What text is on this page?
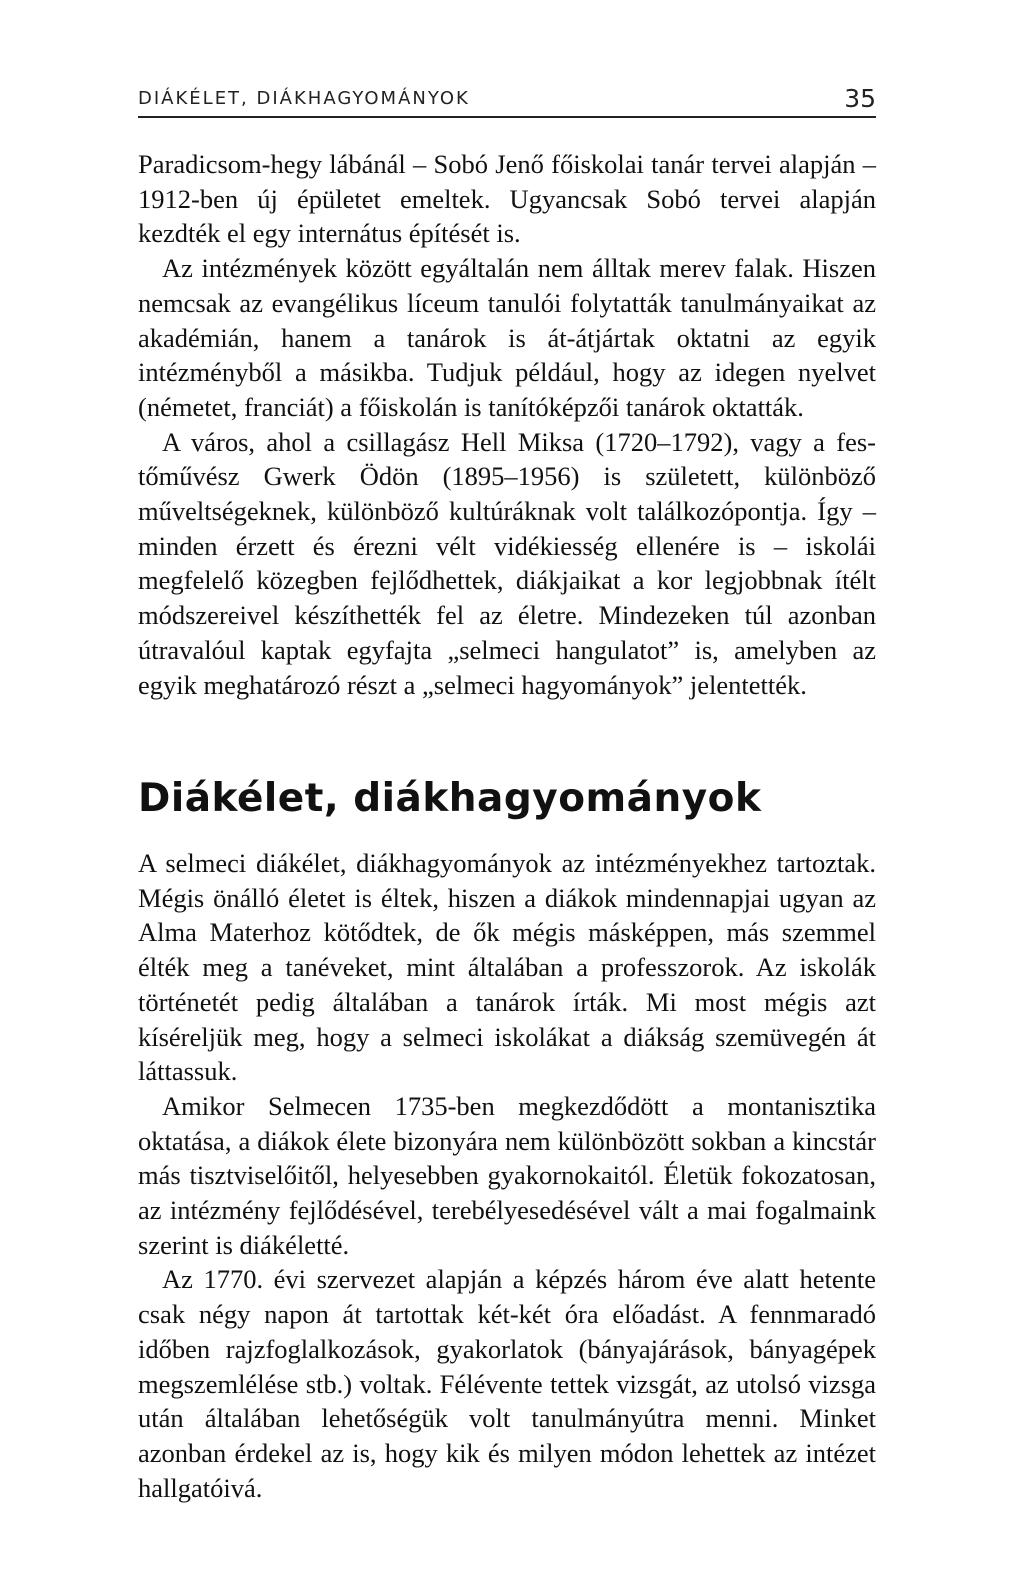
DIÁKÉLET, DIÁKHAGYOMÁNYOK	35

Paradicsom-hegy lábánál – Sobó Jenő főiskolai tanár tervei alapján – 1912-ben új épületet emeltek. Ugyancsak Sobó tervei alapján kezdték el egy internátus építését is.

Az intézmények között egyáltalán nem álltak merev falak. Hiszen nemcsak az evangélikus líceum tanulói folytatták tanulmányaikat az akadémián, hanem a tanárok is át-átjártak oktatni az egyik intézményből a másikba. Tudjuk például, hogy az idegen nyelvet (németet, franciát) a főiskolán is tanítóképzői tanárok oktatták.

A város, ahol a csillagász Hell Miksa (1720–1792), vagy a festőművész Gwerk Ödön (1895–1956) is született, különböző műveltségeknek, különböző kultúráknak volt találkozópontja. Így – minden érzett és érezni vélt vidékiesség ellenére is – iskolái megfelelő közegben fejlődhettek, diákjaikat a kor legjobbnak ítélt módszereivel készíthették fel az életre. Mindezeken túl azonban útravalóul kaptak egyfajta „selmeci hangulatot” is, amelyben az egyik meghatározó részt a „selmeci hagyományok” jelentették.

Diákélet, diákhagyományok

A selmeci diákélet, diákhagyományok az intézményekhez tartoztak. Mégis önálló életet is éltek, hiszen a diákok mindennapjai ugyan az Alma Materhoz kötődtek, de ők mégis másképpen, más szemmel élték meg a tanéveket, mint általában a professzorok. Az iskolák történetét pedig általában a tanárok írták. Mi most mégis azt kíséreljük meg, hogy a selmeci iskolákat a diákság szemüvegén át láttassuk.

Amikor Selmecen 1735-ben megkezdődött a montanisztika oktatása, a diákok élete bizonyára nem különbözött sokban a kincstár más tisztviselőitől, helyesebben gyakornokaitól. Életük fokozatosan, az intézmény fejlődésével, terebélyesedésével vált a mai fogalmaink szerint is diákéletté.

Az 1770. évi szervezet alapján a képzés három éve alatt hetente csak négy napon át tartottak két-két óra előadást. A fennmaradó időben rajzfoglalkozások, gyakorlatok (bányajárások, bányagépek megszemlélése stb.) voltak. Félévente tettek vizsgát, az utolsó vizsga után általában lehetőségük volt tanulmányútra menni. Minket azonban érdekel az is, hogy kik és milyen módon lehettek az intézet hallgatóivá.
